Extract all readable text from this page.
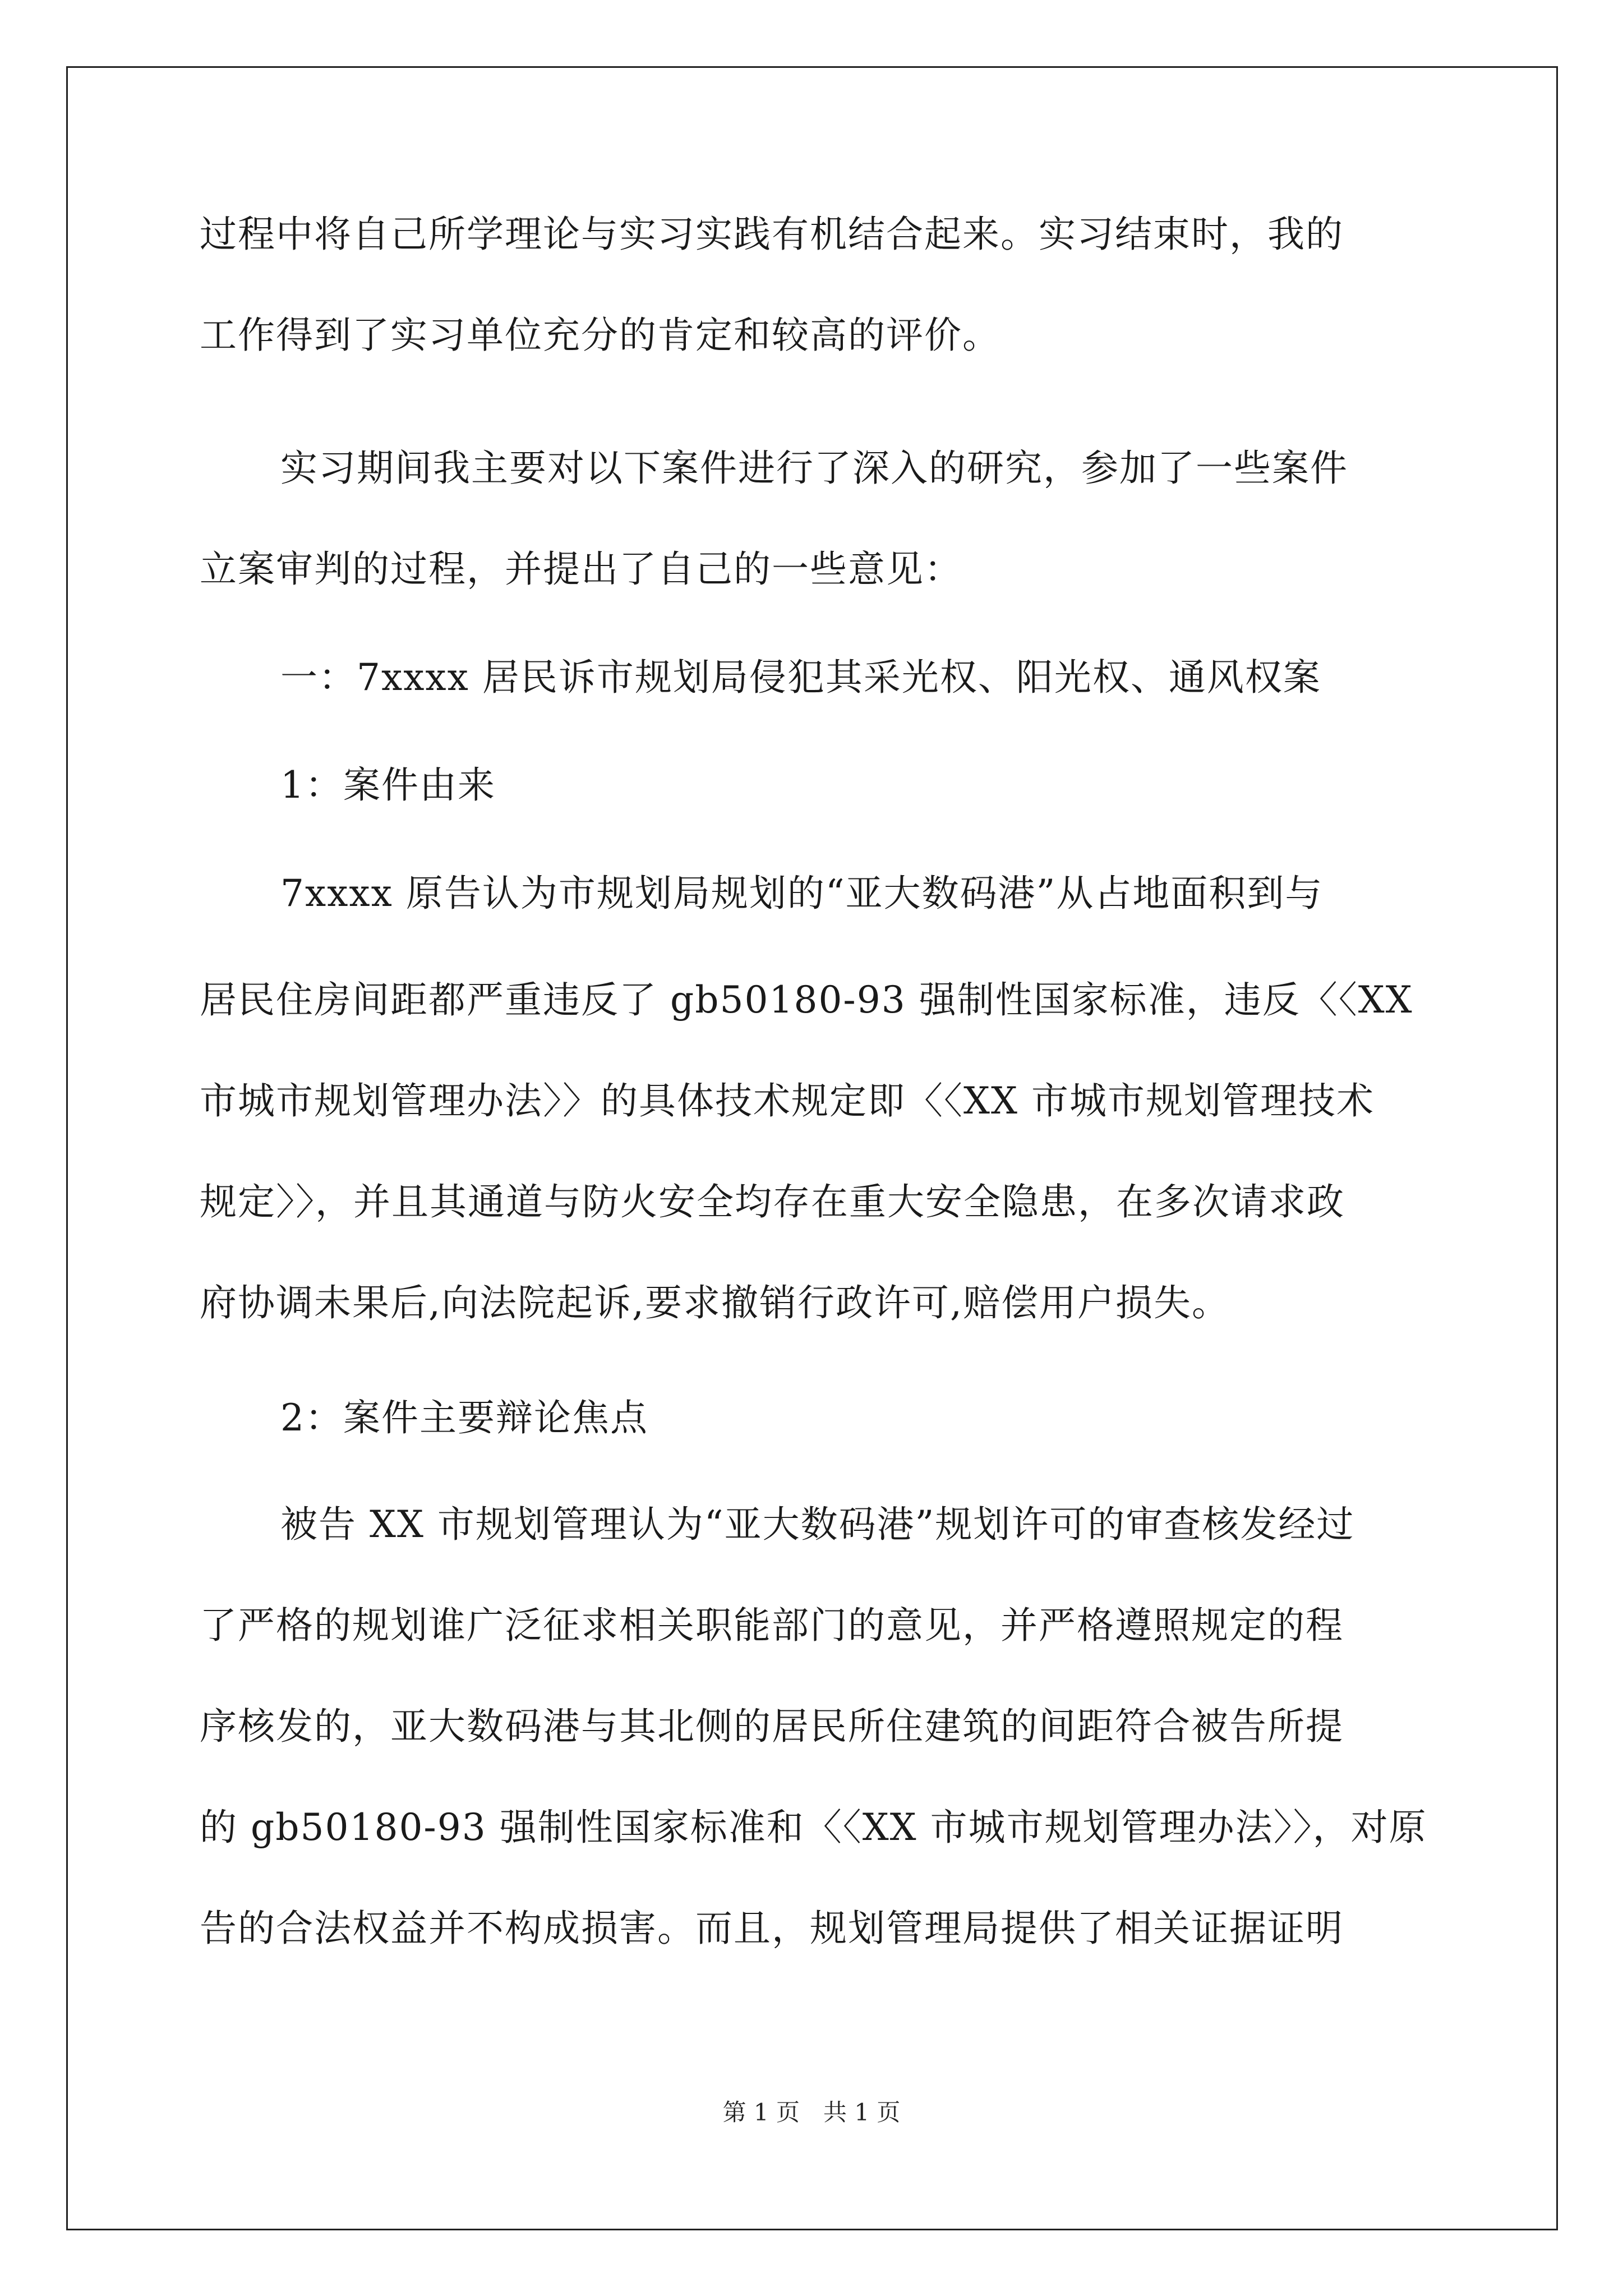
过程中将自己所学理论与实习实践有机结合起来。实习结束时，我的
工作得到了实习单位充分的肯定和较高的评价。
实习期间我主要对以下案件进行了深入的研究，参加了一些案件
立案审判的过程，并提出了自己的一些意见：
一：7xxxx 居民诉市规划局侵犯其采光权、阳光权、通风权案
1：案件由来
7xxxx 原告认为市规划局规划的“亚大数码港”从占地面积到与
居民住房间距都严重违反了 gb50180-93 强制性国家标准，违反〈〈XX
市城市规划管理办法〉〉的具体技术规定即〈〈XX 市城市规划管理技术
规定〉〉，并且其通道与防火安全均存在重大安全隐患，在多次请求政
府协调未果后,向法院起诉,要求撤销行政许可,赔偿用户损失。
2：案件主要辩论焦点
被告 XX 市规划管理认为“亚大数码港”规划许可的审查核发经过
了严格的规划谁广泛征求相关职能部门的意见，并严格遵照规定的程
序核发的，亚大数码港与其北侧的居民所住建筑的间距符合被告所提
的 gb50180-93 强制性国家标准和〈〈XX 市城市规划管理办法〉〉，对原
告的合法权益并不构成损害。而且，规划管理局提供了相关证据证明
第 1 页　共 1 页
